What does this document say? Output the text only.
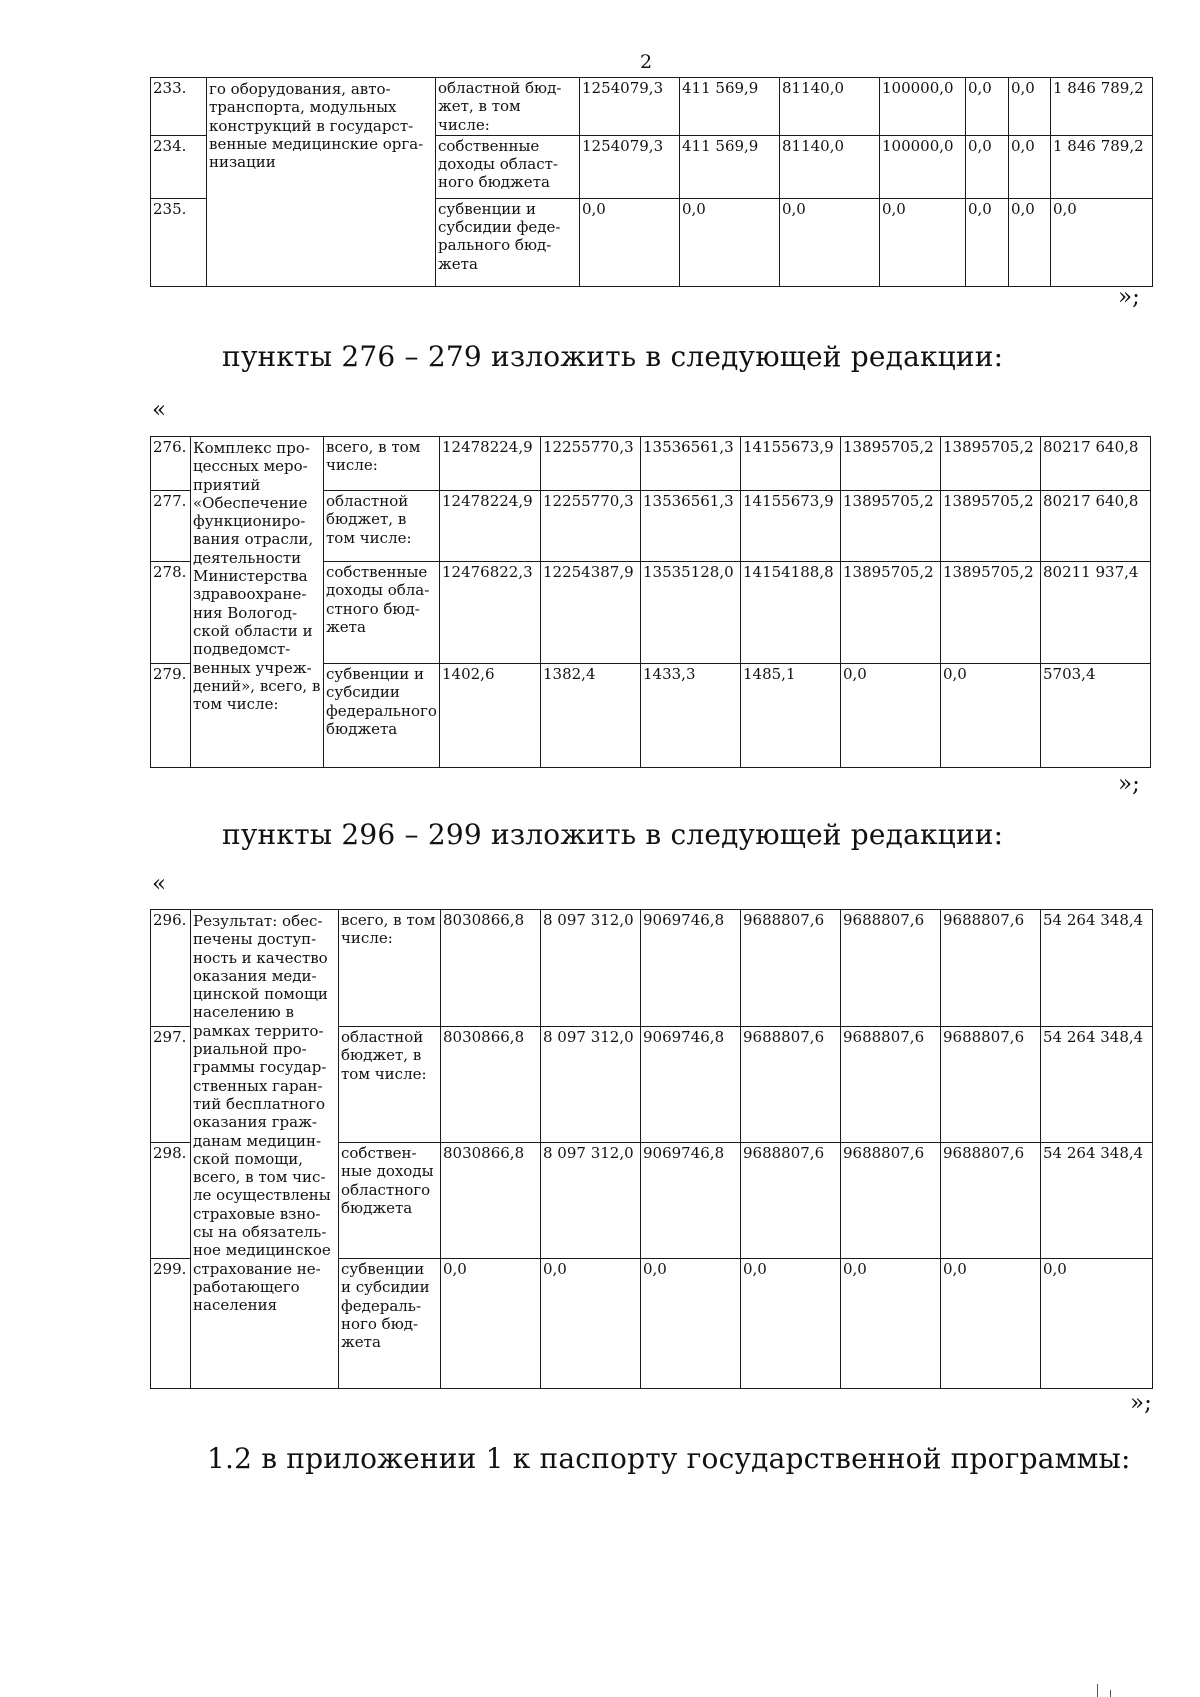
2
233.	го оборудования, авто-транспорта, модульных конструкций в государст-венные медицинские орга-низации	областной бюд-жет, в том числе:	1254079,3	411 569,9	81140,0	100000,0	0,0	0,0	1 846 789,2
234.		собственные доходы област-ного бюджета	1254079,3	411 569,9	81140,0	100000,0	0,0	0,0	1 846 789,2
235.		субвенции и субсидии феде-рального бюд-жета	0,0	0,0	0,0	0,0	0,0	0,0	0,0
»;
пункты 276 – 279 изложить в следующей редакции:
«
276.	Комплекс про-цессных меро-приятий «Обеспечение функциониро-вания отрасли, деятельности Министерства здравоохране-ния Вологод-ской области и подведомст-венных учреж-дений», всего, в том числе:	всего, в том числе:	12478224,9	12255770,3	13536561,3	14155673,9	13895705,2	13895705,2	80217 640,8
277.		областной бюджет, в том числе:	12478224,9	12255770,3	13536561,3	14155673,9	13895705,2	13895705,2	80217 640,8
278.		собственные доходы обла-стного бюд-жета	12476822,3	12254387,9	13535128,0	14154188,8	13895705,2	13895705,2	80211 937,4
279.		субвенции и субсидии федерального бюджета	1402,6	1382,4	1433,3	1485,1	0,0	0,0	5703,4
»;
пункты 296 – 299 изложить в следующей редакции:
«
296.	Результат: обес-печены доступ-ность и качество оказания меди-цинской помощи населению в рамках террито-риальной про-граммы государ-ственных гаран-тий бесплатного оказания граж-данам медицин-ской помощи, всего, в том чис-ле осуществлены страховые взно-сы на обязатель-ное медицинское страхование не-работающего населения	всего, в том числе:	8030866,8	8 097 312,0	9069746,8	9688807,6	9688807,6	9688807,6	54 264 348,4
297.		областной бюджет, в том числе:	8030866,8	8 097 312,0	9069746,8	9688807,6	9688807,6	9688807,6	54 264 348,4
298.		собствен-ные доходы областного бюджета	8030866,8	8 097 312,0	9069746,8	9688807,6	9688807,6	9688807,6	54 264 348,4
299.		субвенции и субсидии федераль-ного бюд-жета	0,0	0,0	0,0	0,0	0,0	0,0	0,0
»;
1.2 в приложении 1 к паспорту государственной программы:
